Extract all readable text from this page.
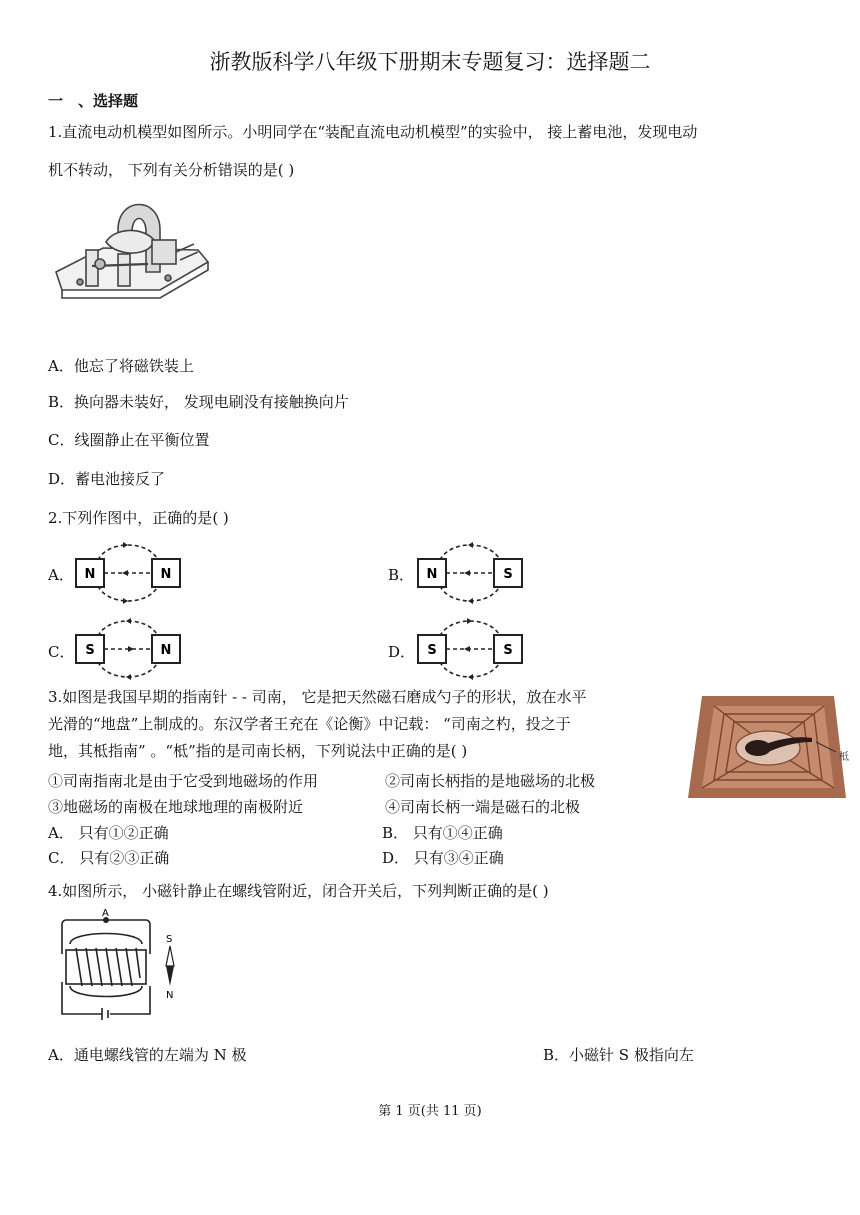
浙教版科学八年级下册期末专题复习：选择题二
一　、选择题
1.直流电动机模型如图所示。小明同学在“装配直流电动机模型”的实验中， 接上蓄电池，发现电动
机不转动， 下列有关分析错误的是( )
A．他忘了将磁铁装上
B．换向器未装好， 发现电刷没有接触换向片
C．线圈静止在平衡位置
D．蓄电池接反了
2.下列作图中，正确的是( )
A． N	N	B． N	S
C． S	N	D． S	S
3.如图是我国早期的指南针 - - 司南， 它是把天然磁石磨成勺子的形状，放在水平
光滑的“地盘”上制成的。东汉学者王充在《论衡》中记载： “司南之杓，投之于
地，其柢指南” 。“柢”指的是司南长柄，下列说法中正确的是( )
①司南指南北是由于它受到地磁场的作用	②司南长柄指的是地磁场的北极
③地磁场的南极在地球地理的南极附近	④司南长柄一端是磁石的北极
A． 只有①②正确	B． 只有①④正确
C． 只有②③正确	D． 只有③④正确
柢
4.如图所示， 小磁针静止在螺线管附近，闭合开关后，下列判断正确的是( )
A
S
N
A．通电螺线管的左端为 N 极	B．小磁针 S 极指向左
第 1 页(共 11 页)
